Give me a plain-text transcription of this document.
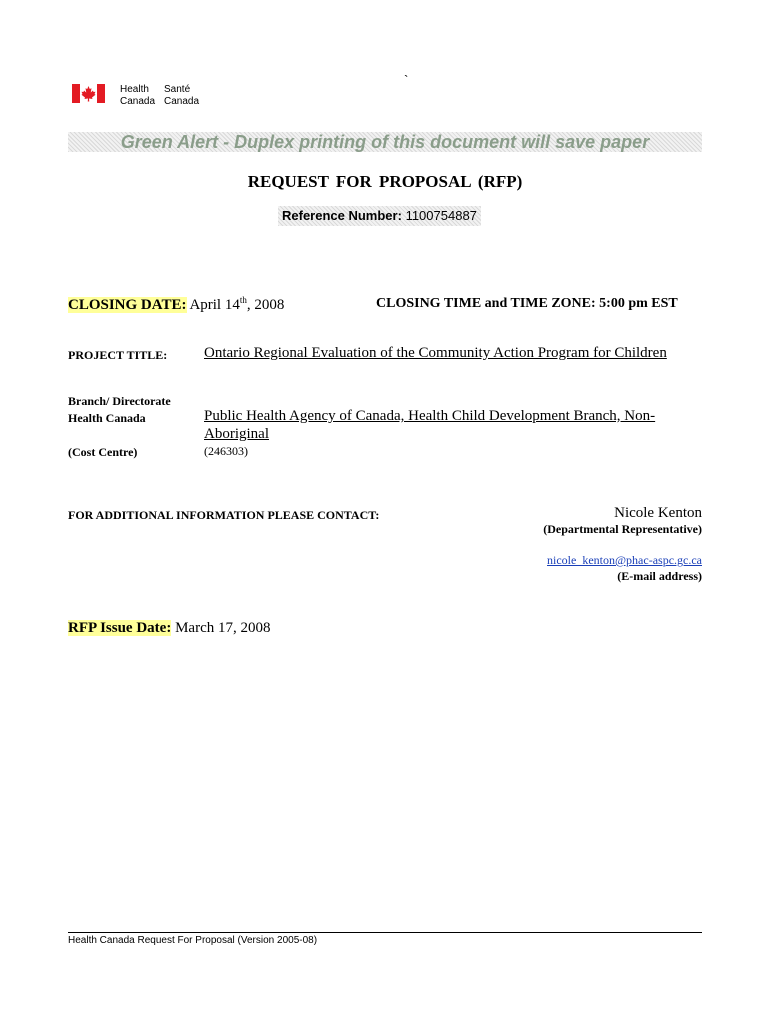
`
Health
Canada
Santé
Canada
Green Alert - Duplex printing of this document will save paper
REQUEST FOR PROPOSAL (RFP)
Reference Number: 1100754887
CLOSING DATE: April 14th, 2008	CLOSING TIME and TIME ZONE: 5:00 pm EST
PROJECT TITLE: Ontario Regional Evaluation of the Community Action Program for Children
Branch/ Directorate
Health Canada	Public Health Agency of Canada, Health Child Development Branch, Non-
Aboriginal
(Cost Centre)	(246303)
FOR ADDITIONAL INFORMATION PLEASE CONTACT:	Nicole Kenton
(Departmental Representative)
nicole_kenton@phac-aspc.gc.ca
(E-mail address)
RFP Issue Date: March 17, 2008
Health Canada Request For Proposal (Version 2005-08)
